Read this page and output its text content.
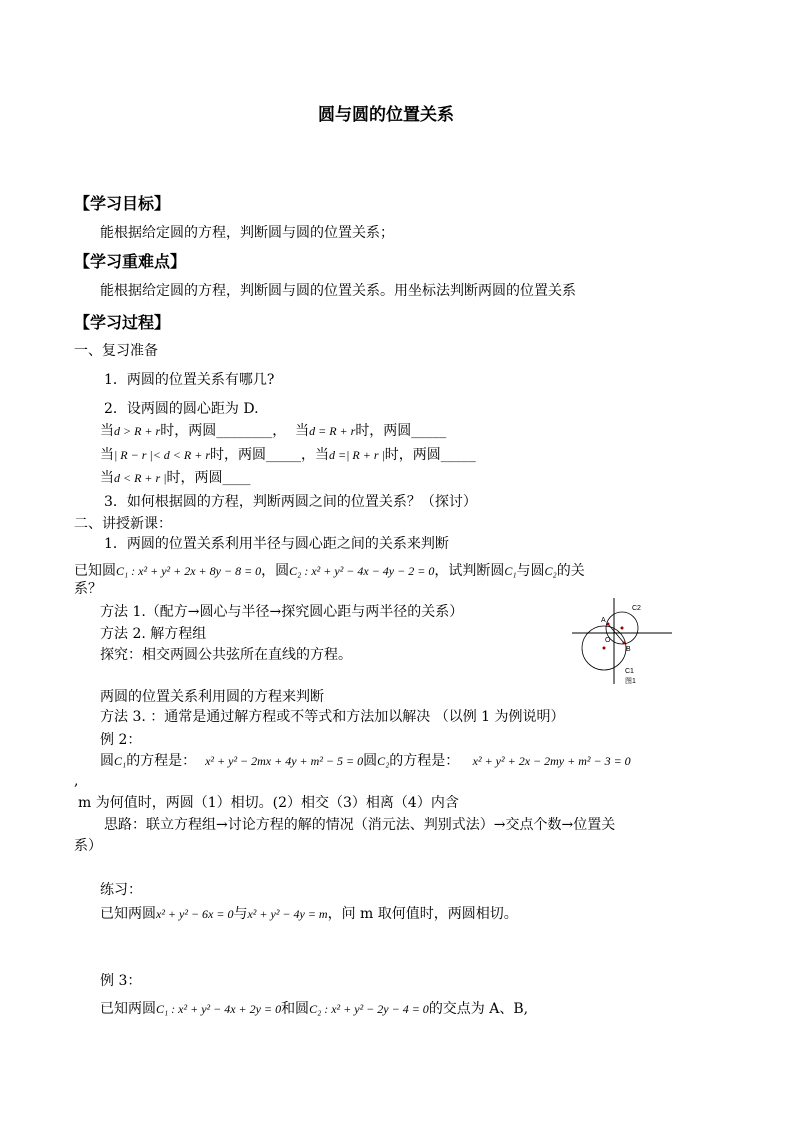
圆与圆的位置关系
【学习目标】
能根据给定圆的方程，判断圆与圆的位置关系；
【学习重难点】
能根据给定圆的方程，判断圆与圆的位置关系。用坐标法判断两圆的位置关系
【学习过程】
一、复习准备
1．两圆的位置关系有哪几?
2．设两圆的圆心距为 D.
当d > R + r时，两圆________， 当d = R + r时，两圆_____
当| R − r |< d < R + r时，两圆_____，当d =| R + r |时，两圆_____
当d < R + r |时，两圆____
3．如何根据圆的方程，判断两圆之间的位置关系？（探讨）
二、讲授新课：
1．两圆的位置关系利用半径与圆心距之间的关系来判断
已知圆C₁ : x² + y² + 2x + 8y − 8 = 0，圆C₂ : x² + y² − 4x − 4y − 2 = 0，试判断圆C₁与圆C₂的关
系？
方法 1.（配方→圆心与半径→探究圆心距与两半径的关系）
方法 2. 解方程组
探究：相交两圆公共弦所在直线的方程。
C2
A
O
B
C1
图1
两圆的位置关系利用圆的方程来判断
方法 3. ：通常是通过解方程或不等式和方法加以解决 （以例 1 为例说明）
例 2：
圆C₁的方程是： x² + y² − 2mx + 4y + m² − 5 = 0圆C₂的方程是： x² + y² + 2x − 2my + m² − 3 = 0
,
m 为何值时，两圆（1）相切。(2）相交（3）相离（4）内含
思路：联立方程组→讨论方程的解的情况（消元法、判别式法）→交点个数→位置关
系）
练习：
已知两圆x² + y² − 6x = 0与x² + y² − 4y = m，问 m 取何值时，两圆相切。
例 3：
已知两圆C₁ : x² + y² − 4x + 2y = 0和圆C₂ : x² + y² − 2y − 4 = 0的交点为 A、B,
